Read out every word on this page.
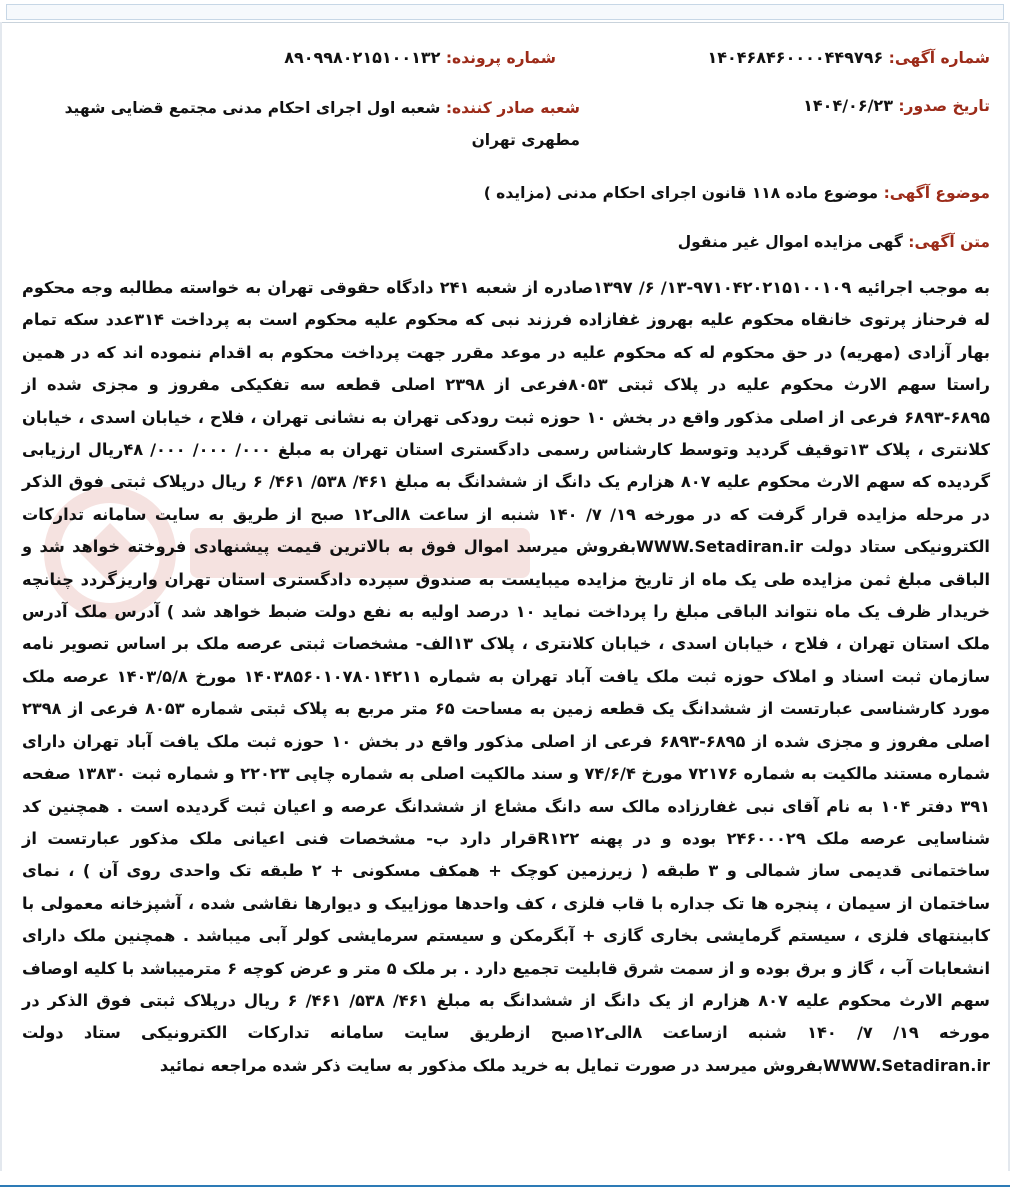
شماره آگهی: ۱۴۰۴۶۸۴۶۰۰۰۰۴۴۹۷۹۶
شماره پرونده: ۸۹۰۹۹۸۰۲۱۵۱۰۰۱۳۲
تاریخ صدور: ۱۴۰۴/۰۶/۲۳
شعبه صادر کننده: شعبه اول اجرای احکام مدنی مجتمع قضایی شهید مطهری تهران
موضوع آگهی: موضوع ماده ۱۱۸ قانون اجرای احکام مدنی (مزایده )
متن آگهی: گهی مزایده اموال غیر منقول
به موجب اجرائیه ۹۷۱۰۴۲۰۲۱۵۱۰۰۱۰۹-۱۳/ ۶/ ۱۳۹۷صادره از شعبه ۲۴۱ دادگاه حقوقی تهران به خواسته مطالبه وجه محکوم له فرحناز پرتوی خانقاه محکوم علیه بهروز غفازاده فرزند نبی که محکوم علیه محکوم است به پرداخت ۳۱۴عدد سکه تمام بهار آزادی (مهریه) در حق محکوم له که محکوم علیه در موعد مقرر جهت پرداخت محکوم به اقدام ننموده اند که در همین راستا سهم الارث محکوم علیه در پلاک ثبتی ۸۰۵۳فرعی از ۲۳۹۸ اصلی قطعه سه تفکیکی مفروز و مجزی شده از ۶۸۹۵-۶۸۹۳ فرعی از اصلی مذکور واقع در بخش ۱۰ حوزه ثبت رودکی تهران به نشانی تهران ، فلاح ، خیابان اسدی ، خیابان کلانتری ، پلاک ۱۳توقیف گردید وتوسط کارشناس رسمی دادگستری استان تهران به مبلغ ۰۰۰/ ۰۰۰/ ۰۰۰/ ۴۸ریال ارزیابی گردیده که سهم الارث محکوم علیه ۸۰۷ هزارم یک دانگ از ششدانگ به مبلغ ۴۶۱/ ۵۳۸/ ۴۶۱/ ۶ ریال درپلاک ثبتی فوق الذکر در مرحله مزایده قرار گرفت که در مورخه ۱۹/ ۷/ ۱۴۰ شنبه از ساعت ۸الی۱۲ صبح از طریق به سایت سامانه تدارکات الکترونیکی ستاد دولت WWW.Setadiran.irبفروش میرسد اموال فوق به بالاترین قیمت پیشنهادی فروخته خواهد شد و الباقی مبلغ ثمن مزایده طی یک ماه از تاریخ مزایده میبایست به صندوق سپرده دادگستری استان تهران واریزگردد چنانچه خریدار ظرف یک ماه نتواند الباقی مبلغ را پرداخت نماید ۱۰ درصد اولیه به نفع دولت ضبط خواهد شد ) آدرس ملک آدرس ملک استان تهران ، فلاح ، خیابان اسدی ، خیابان کلانتری ، پلاک ۱۳الف- مشخصات ثبتی عرصه ملک بر اساس تصویر نامه سازمان ثبت اسناد و املاک حوزه ثبت ملک یافت آباد تهران به شماره ۱۴۰۳۸۵۶۰۱۰۷۸۰۱۴۲۱۱ مورخ ۱۴۰۳/۵/۸ عرصه ملک مورد کارشناسی عبارتست از ششدانگ یک قطعه زمین به مساحت ۶۵ متر مربع به پلاک ثبتی شماره ۸۰۵۳ فرعی از ۲۳۹۸ اصلی مفروز و مجزی شده از ۶۸۹۵-۶۸۹۳ فرعی از اصلی مذکور واقع در بخش ۱۰ حوزه ثبت ملک یافت آباد تهران دارای شماره مستند مالکیت به شماره ۷۲۱۷۶ مورخ ۷۴/۶/۴ و سند مالکیت اصلی به شماره چاپی ۲۲۰۲۳ و شماره ثبت ۱۳۸۳۰ صفحه ۳۹۱ دفتر ۱۰۴ به نام آقای نبی غفارزاده مالک سه دانگ مشاع از ششدانگ عرصه و اعیان ثبت گردیده است . همچنین کد شناسایی عرصه ملک ۲۴۶۰۰۰۲۹ بوده و در پهنه R۱۲۲قرار دارد ب- مشخصات فنی اعیانی ملک مذکور عبارتست از ساختمانی قدیمی ساز شمالی و ۳ طبقه ( زیرزمین کوچک + همکف مسکونی + ۲ طبقه تک واحدی روی آن ) ، نمای ساختمان از سیمان ، پنجره ها تک جداره با قاب فلزی ، کف واحدها موزاییک و دیوارها نقاشی شده ، آشپزخانه معمولی با کابینتهای فلزی ، سیستم گرمایشی بخاری گازی + آبگرمکن و سیستم سرمایشی کولر آبی میباشد . همچنین ملک دارای انشعابات آب ، گاز و برق بوده و از سمت شرق قابلیت تجمیع دارد . بر ملک ۵ متر و عرض کوچه ۶ مترمیباشد با کلیه اوصاف سهم الارث محکوم علیه ۸۰۷ هزارم از یک دانگ از ششدانگ به مبلغ ۴۶۱/ ۵۳۸/ ۴۶۱/ ۶ ریال درپلاک ثبتی فوق الذکر در مورخه ۱۹/ ۷/ ۱۴۰ شنبه ازساعت ۸الی۱۲صبح ازطریق سایت سامانه تدارکات الکترونیکی ستاد دولت WWW.Setadiran.irبفروش میرسد در صورت تمایل به خرید ملک مذکور به سایت ذکر شده مراجعه نمائید
